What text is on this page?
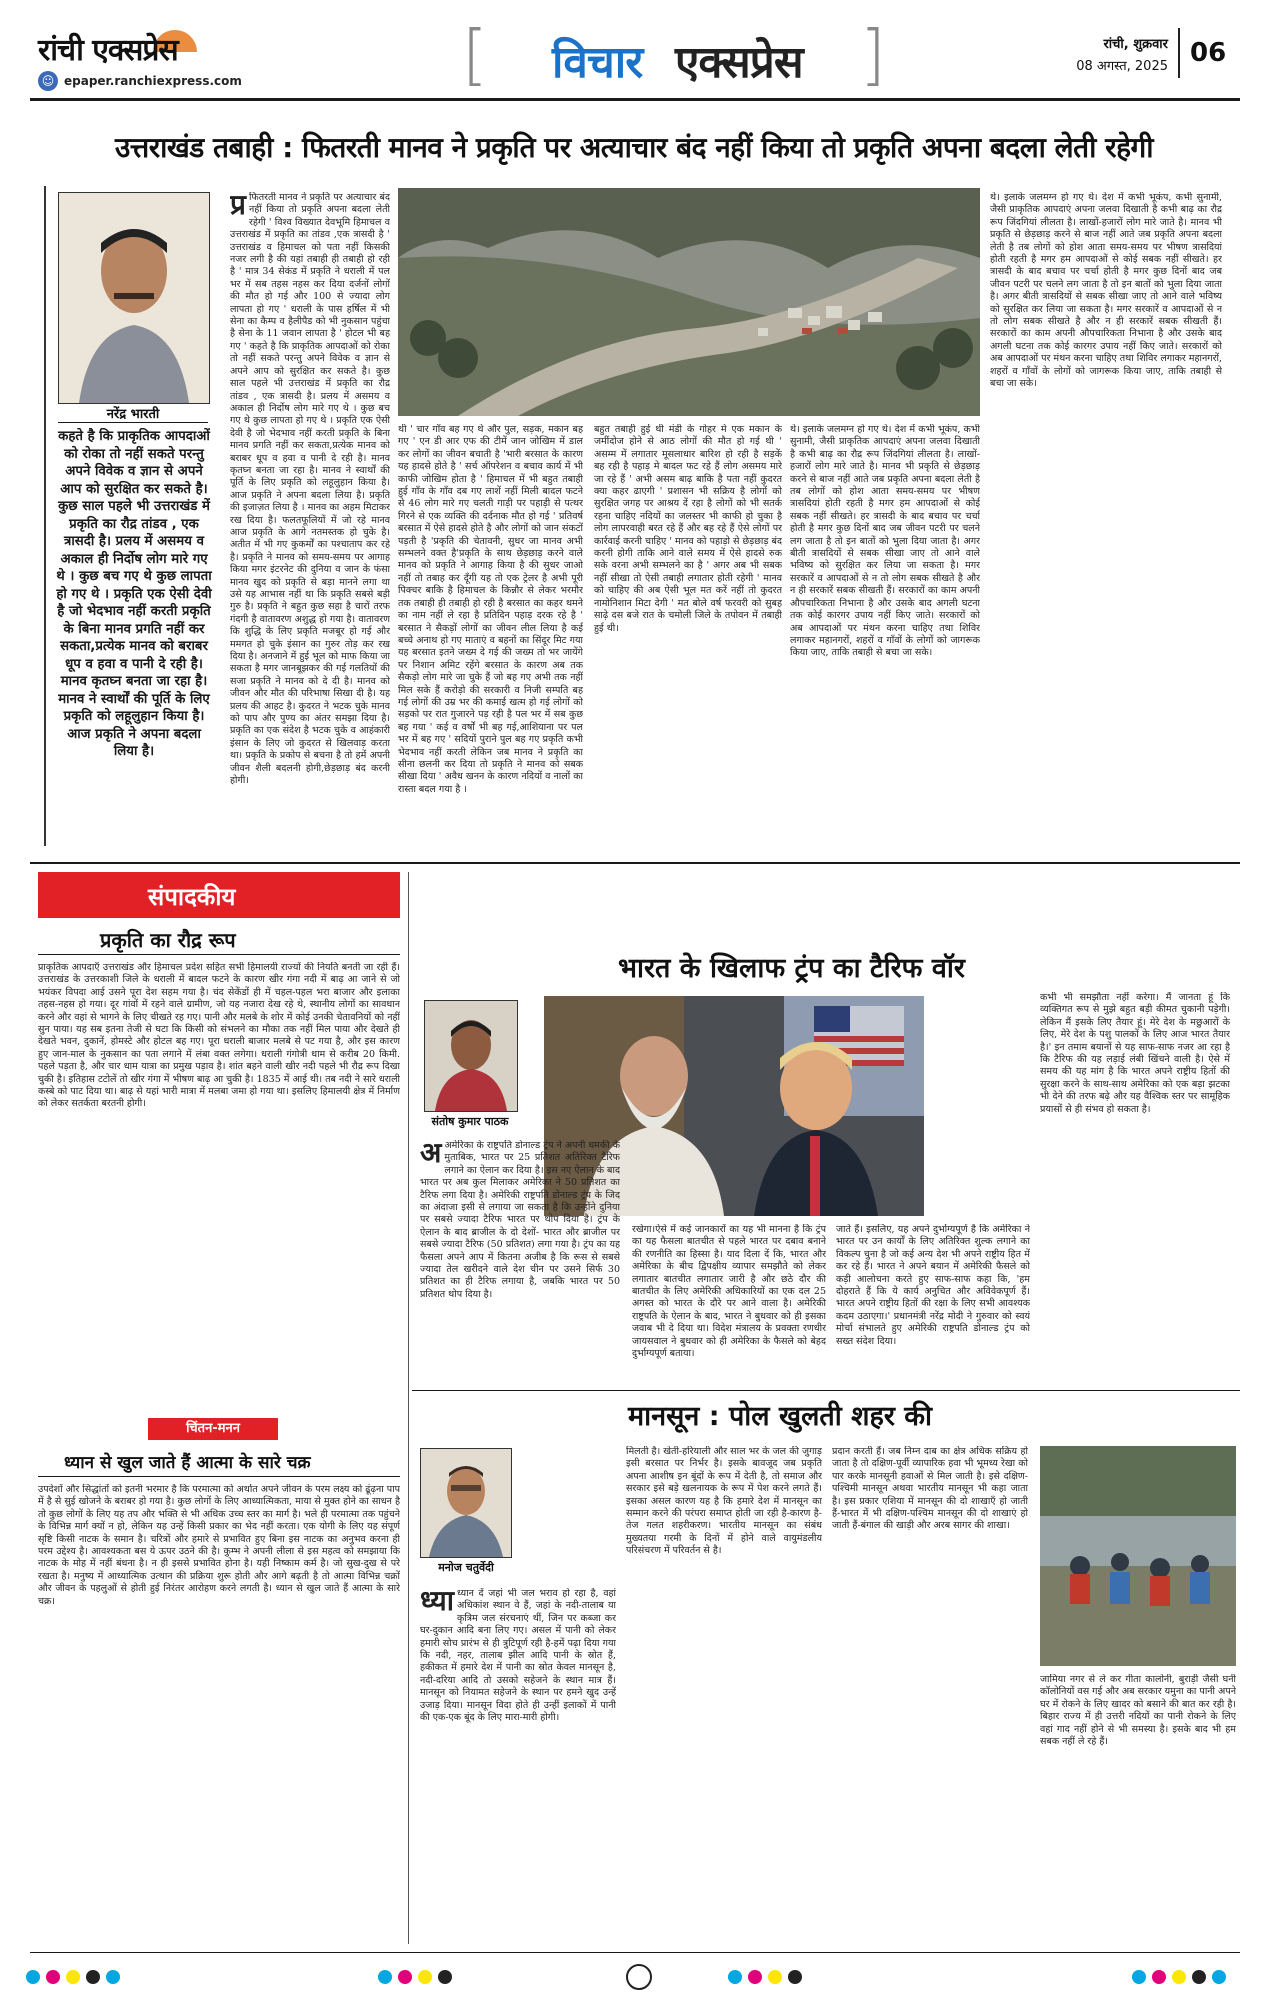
रांची एक्सप्रेस
☺ epaper.ranchiexpress.com	[ विचार एक्सप्रेस ]	रांची, शुक्रवार
08 अगस्त, 2025 06
उत्तराखंड तबाही : फितरती मानव ने प्रकृति पर अत्याचार बंद नहीं किया तो प्रकृति अपना बदला लेती रहेगी
नरेंद्र भारती
कहते है कि प्राकृतिक आपदाओं को रोका तो नहीं सकते परन्तु अपने विवेक व ज्ञान से अपने आप को सुरक्षित कर सकते है। कुछ साल पहले भी उत्तराखंड में प्रकृति का रौद्र तांडव , एक त्रासदी है। प्रलय में असमय व अकाल ही निर्दोष लोग मारे गए थे । कुछ बच गए थे कुछ लापता हो गए थे । प्रकृति एक ऐसी देवी है जो भेदभाव नहीं करती प्रकृति के बिना मानव प्रगति नहीं कर सकता,प्रत्येक मानव को बराबर धूप व हवा व पानी दे रही है। मानव कृतघ्न बनता जा रहा है। मानव ने स्वार्थों की पूर्ति के लिए प्रकृति को लहूलुहान किया है। आज प्रकृति ने अपना बदला लिया है।
प्र फितरती मानव ने प्रकृति पर अत्याचार बंद नहीं किया तो प्रकृति अपना बदला लेती रहेगी ' विश्व विख्यात देवभूमि हिमाचल व उत्तराखंड में प्रकृति का तांडव ,एक त्रासदी है ' उत्तराखंड व हिमाचल को पता नहीं किसकी नजर लगी है की यहां तबाही ही तबाही हो रही है ' मात्र 34 सेकंड में प्रकृति ने धराली में पल भर में सब तहस नहस कर दिया दर्जनों लोगों की मौत हो गई और 100 से ज्यादा लोग लापता हो गए ' धराली के पास हर्षिल में भी सेना का कैम्प व हैलीपैड को भी नुकसान पहुंचा है सेना के 11 जवान लापता है ' होटल भी बह गए ' कहते है कि प्राकृतिक आपदाओं को रोका तो नहीं सकते परन्तु अपने विवेक व ज्ञान से अपने आप को सुरक्षित कर सकते है। कुछ साल पहले भी उत्तराखंड में प्रकृति का रौद्र तांडव , एक त्रासदी है। प्रलय में असमय व अकाल ही निर्दोष लोग मारे गए थे । कुछ बच गए थे कुछ लापता हो गए थे । प्रकृति एक ऐसी देवी है जो भेदभाव नहीं करती प्रकृति के बिना मानव प्रगति नहीं कर सकता,प्रत्येक मानव को बराबर धूप व हवा व पानी दे रही है। मानव कृतघ्न बनता जा रहा है। मानव ने स्वार्थों की पूर्ति के लिए प्रकृति को लहूलुहान किया है। आज प्रकृति ने अपना बदला लिया है। प्रकृति की इजाज़त लिया है । मानव का अहम मिटाकर रख दिया है। फलतफूलियों में जो रहे मानव आज प्रकृति के आगे नतमस्तक हो चुके है। अतीत में भी गए कुकर्मों का पश्चाताप कर रहे है। प्रकृति ने मानव को समय-समय पर आगाह किया मगर इंटरनेट की दुनिया व जान के फंसा मानव खुद को प्रकृति से बड़ा मानने लगा था उसे यह आभास नहीं था कि प्रकृति सबसे बड़ी गुरु है। प्रकृति ने बहुत कुछ सहा है चारों तरफ गंदगी है वातावरण अशुद्ध हो गया है। वातावरण कि शुद्धि के लिए प्रकृति मजबूर हो गई और ममगत हो चुके इंसान का गुरुर तोड़ कर रख दिया है। अनजाने में हुई भूल को माफ किया जा सकता है मगर जानबूझकर की गई गलतियों की सजा प्रकृति ने मानव को दे दी है। मानव को जीवन और मौत की परिभाषा सिखा दी है। यह प्रलय की आहट है। कुदरत ने भटक चुके मानव को पाप और पुण्य का अंतर समझा दिया है। प्रकृति का एक संदेश है भटक चुके व आहंकारी इंसान के लिए जो कुदरत से खिलवाड़ करता था। प्रकृति के प्रकोप से बचना है तो हमें अपनी जीवन शैली बदलनी होगी,छेड़छाड़ बंद करनी होगी।
थी ' चार गाँव बह गए थे और पुल, सड़क, मकान बह गए ' एन डी आर एफ की टीमें जान जोखिम में डाल कर लोगों का जीवन बचाती है 'भारी बरसात के कारण यह हादसे होते है ' सर्च ऑपरेशन व बचाव कार्य में भी काफी जोखिम होता है ' हिमाचल में भी बहुत तबाही हुई गाँव के गाँव दब गए लाशें नहीं मिली बादल फटने से 46 लोग मारे गए चलती गाड़ी पर पहाड़ी से पत्थर गिरने से एक व्यक्ति की दर्दनाक मौत हो गई ' प्रतिवर्ष बरसात में ऐसे हादसे होते है और लोगों को जान संकटों पड़ती है 'प्रकृति की चेतावनी, सुधर जा मानव अभी सम्भलने वक्त है'प्रकृति के साथ छेड़छाड़ करने वाले मानव को प्रकृति ने आगाह किया है की सुधर जाओ नहीं तो तबाह कर दूँगी यह तो एक ट्रेलर है अभी पूरी पिक्चर बाकि है हिमाचल के किन्नौर से लेकर भरमौर तक तबाही ही तबाही हो रही है बरसात का कहर थमने का नाम नहीं ले रहा है प्रतिदिन पहाड़ दरक रहे है ' बरसात ने सैकड़ों लोगों का जीवन लील लिया है कई बच्चे अनाथ हो गए माताएं व बहनों का सिंदूर मिट गया यह बरसात इतने जख्म दे गई की जख्म तो भर जायेंगे पर निशान अमिट रहेंगे बरसात के कारण अब तक सैकड़ो लोग मारे जा चुके हैं जो बह गए अभी तक नहीं मिल सके हैं करोड़ो की सरकारी व निजी सम्पति बह गई लोगों की उम्र भर की कमाई खत्म हो गई लोगों को सड़को पर रात गुजारने पड़ रही है पल भर में सब कुछ बह गया ' कई व वर्षों भी बह गई,आशियाना पर पल भर में बह गए ' सदियों पुराने पुल बह गए प्रकृति कभी भेदभाव नहीं करती लेकिन जब मानव ने प्रकृति का सीना छलनी कर दिया तो प्रकृति ने मानव को सबक सीखा दिया ' अवैध खनन के कारण नदियों व नालों का रास्ता बदल गया है ।
बहुत तबाही हुई थी मंडी के गोहर मे एक मकान के जमींदोज होने से आठ लोगों की मौत हो गई थी ' असम्म में लगातार मूसलाधार बारिश हो रही है सड़कें बह रही है पहाड़ मे बादल फट रहे हैं लोग असमय मारे जा रहे हैं ' अभी असम बाढ़ बाकि है पता नहीं कुदरत क्या कहर ढाएगी ' प्रशासन भी सक्रिय है लोगों को सुरक्षित जगह पर आश्रय दें रहा है लोगों को भी सतर्क रहना चाहिए नदियों का जलस्तर भी काफी हो चुका है लोग लापरवाही बरत रहे हैं और बह रहे हैं ऐसे लोगों पर कार्रवाई करनी चाहिए ' मानव को पहाड़ो से छेड़छाड़ बंद करनी होगी ताकि आने वाले समय में ऐसे हादसे रुक सके वरना अभी सम्भलने का है ' अगर अब भी सबक नहीं सीखा तो ऐसी तबाही लगातार होती रहेगी ' मानव को चाहिए की अब ऐसी भूल मत करें नहीं तो कुदरत नामोनिशान मिटा देगी ' मत बोले वर्ष फरवरी को सुबह साढ़े दस बजे रात के चमोली जिले के तपोवन में तबाही हुई थी।
थे। इलाके जलमग्न हो गए थे। देश में कभी भूकंप, कभी सुनामी, जैसी प्राकृतिक आपदाएं अपना जलवा दिखाती है कभी बाढ़ का रौद्र रूप जिंदगियां लीलता है। लाखों-हजारों लोग मारे जाते है। मानव भी प्रकृति से छेड़छाड़ करने से बाज नहीं आते जब प्रकृति अपना बदला लेती है तब लोगों को होश आता समय-समय पर भीषण त्रासदियां होती रहती है मगर हम आपदाओं से कोई सबक नहीं सीखते। हर त्रासदी के बाद बचाव पर चर्चा होती है मगर कुछ दिनों बाद जब जीवन पटरी पर चलने लग जाता है तो इन बातों को भुला दिया जाता है। अगर बीती त्रासदियों से सबक सीखा जाए तो आने वाले भविष्य को सुरक्षित कर लिया जा सकता है। मगर सरकारें व आपदाओं से न तो लोग सबक सीखते है और न ही सरकारें सबक सीखती हैं। सरकारों का काम अपनी औपचारिकता निभाना है और उसके बाद अगली घटना तक कोई कारगर उपाय नहीं किए जाते। सरकारों को अब आपदाओं पर मंथन करना चाहिए तथा शिविर लगाकर महानगरों, शहरों व गाँवों के लोगों को जागरूक किया जाए, ताकि तबाही से बचा जा सके।
थे। इलाके जलमग्न हो गए थे। देश में कभी भूकंप, कभी सुनामी, जैसी प्राकृतिक आपदाएं अपना जलवा दिखाती है कभी बाढ़ का रौद्र रूप जिंदगियां लीलता है। लाखों-हजारों लोग मारे जाते है। मानव भी प्रकृति से छेड़छाड़ करने से बाज नहीं आते जब प्रकृति अपना बदला लेती है तब लोगों को होश आता समय-समय पर भीषण त्रासदियां होती रहती है मगर हम आपदाओं से कोई सबक नहीं सीखते। हर त्रासदी के बाद बचाव पर चर्चा होती है मगर कुछ दिनों बाद जब जीवन पटरी पर चलने लग जाता है तो इन बातों को भुला दिया जाता है। अगर बीती त्रासदियों से सबक सीखा जाए तो आने वाले भविष्य को सुरक्षित कर लिया जा सकता है। मगर सरकारें व आपदाओं से न तो लोग सबक सीखते है और न ही सरकारें सबक सीखती हैं। सरकारों का काम अपनी औपचारिकता निभाना है और उसके बाद अगली घटना तक कोई कारगर उपाय नहीं किए जाते। सरकारों को अब आपदाओं पर मंथन करना चाहिए तथा शिविर लगाकर महानगरों, शहरों व गाँवों के लोगों को जागरूक किया जाए, ताकि तबाही से बचा जा सके।
संपादकीय
प्रकृति का रौद्र रूप
प्राकृतिक आपदाएँ उत्तराखंड और हिमाचल प्रदेश सहित सभी हिमालयी राज्यों की नियति बनती जा रही हैं। उत्तराखंड के उत्तरकाशी जिले के धराली में बादल फटने के कारण खीर गंगा नदी में बाढ़ आ जाने से जो भयंकर विपदा आई उसने पूरा देश सहम गया है। चंद सेकेंडों ही में चहल-पहल भरा बाजार और इलाका तहस-नहस हो गया। दूर गांवों में रहने वाले ग्रामीण, जो यह नजारा देख रहे थे, स्थानीय लोगों का सावधान करने और वहां से भागने के लिए चीखते रह गए। पानी और मलबे के शोर में कोई उनकी चेतावनियों को नहीं सुन पाया। यह सब इतना तेजी से घटा कि किसी को संभलने का मौका तक नहीं मिल पाया और देखते ही देखते भवन, दुकानें, होमस्टे और होटल बह गए। पूरा धराली बाजार मलबे से पट गया है, और इस कारण हुए जान-माल के नुकसान का पता लगाने में लंबा वक्त लगेगा। धराली गंगोत्री धाम से करीब 20 किमी. पहले पड़ता है, और चार धाम यात्रा का प्रमुख पड़ाव है। शांत बहने वाली खीर नदी पहले भी रौद्र रूप दिखा चुकी है। इतिहास टटोलें तो खीर गंगा में भीषण बाढ़ आ चुकी है। 1835 में आई थी। तब नदी ने सारे धराली कस्बे को पाट दिया था। बाढ़ से यहां भारी मात्रा में मलबा जमा हो गया था। इसलिए हिमालयी क्षेत्र में निर्माण को लेकर सतर्कता बरतनी होगी।
चिंतन-मनन
ध्यान से खुल जाते हैं आत्मा के सारे चक्र
उपदेशों और सिद्धांतों को इतनी भरमार है कि परमात्मा को अर्थात अपने जीवन के परम लक्ष्य को ढूंढ़ना पाप में है से सुई खोजने के बराबर हो गया है। कुछ लोगों के लिए आध्यात्मिकता, माया से मुक्त होने का साधन है तो कुछ लोगों के लिए यह तप और भक्ति से भी अधिक उच्च स्तर का मार्ग है। भले ही परमात्मा तक पहुंचने के विभिन्न मार्ग क्यों न हो, लेकिन यह उन्हें किसी प्रकार का भेद नहीं करता। एक योगी के लिए यह संपूर्ण सृष्टि किसी नाटक के समान है। चरित्रों और हमारे से प्रभावित हुए बिना इस नाटक का अनुभव करना ही परम उद्देश्य है। आवश्यकता बस ये ऊपर उठने की है। कुम्भ ने अपनी लीला से इस महत्व को समझाया कि नाटक के मोह में नहीं बंधना है। न ही इससे प्रभावित होना है। यही निष्काम कर्म है। जो सुख-दुख से परे रखता है। मनुष्य में आध्यात्मिक उत्थान की प्रक्रिया शुरू होती और आगे बढ़ती है तो आत्मा विभिन्न चक्रों और जीवन के पहलुओं से होती हुई निरंतर आरोहण करने लगती है। ध्यान से खुल जाते हैं आत्मा के सारे चक्र।
भारत के खिलाफ ट्रंप का टैरिफ वॉर
संतोष कुमार पाठक
अअमेरिका के राष्ट्रपति डोनाल्ड ट्रंप ने अपनी धमकी के मुताबिक, भारत पर 25 प्रतिशत अतिरिक्त टैरिफ लगाने का ऐलान कर दिया है। इस नए ऐलान के बाद भारत पर अब कुल मिलाकर अमेरिका ने 50 प्रतिशत का टैरिफ लगा दिया है। अमेरिकी राष्ट्रपति डोनाल्ड ट्रंप के जिद का अंदाजा इसी से लगाया जा सकता है कि उन्होंने दुनिया पर सबसे ज्यादा टैरिफ भारत पर थोप दिया है। ट्रंप के ऐलान के बाद ब्राजील के दो देशों- भारत और ब्राजील पर सबसे ज्यादा टैरिफ (50 प्रतिशत) लगा गया है। ट्रंप का यह फैसला अपने आप में कितना अजीब है कि रूस से सबसे ज्यादा तेल खरीदने वाले देश चीन पर उसने सिर्फ 30 प्रतिशत का ही टैरिफ लगाया है, जबकि भारत पर 50 प्रतिशत थोप दिया है।
रखेगा।ऐसे में कई जानकारों का यह भी मानना है कि ट्रंप का यह फैसला बातचीत से पहले भारत पर दबाव बनाने की रणनीति का हिस्सा है। याद दिला दें कि, भारत और अमेरिका के बीच द्विपक्षीय व्यापार समझौते को लेकर लगातार बातचीत लगातार जारी है और छठे दौर की बातचीत के लिए अमेरिकी अधिकारियों का एक दल 25 अगस्त को भारत के दौरे पर आने वाला है। अमेरिकी राष्ट्रपति के ऐलान के बाद, भारत ने बुधवार को ही इसका जवाब भी दे दिया था। विदेश मंत्रालय के प्रवक्ता रणधीर जायसवाल ने बुधवार को ही अमेरिका के फैसले को बेहद दुर्भाग्यपूर्ण बताया।
जाते हैं। इसलिए, यह अपने दुर्भाग्यपूर्ण है कि अमेरिका ने भारत पर उन कार्यों के लिए अतिरिक्त शुल्क लगाने का विकल्प चुना है जो कई अन्य देश भी अपने राष्ट्रीय हित में कर रहे हैं। भारत ने अपने बयान में अमेरिकी फैसले को कड़ी आलोचना करते हुए साफ-साफ कहा कि, 'हम दोहराते हैं कि ये कार्य अनुचित और अविवेकपूर्ण हैं। भारत अपने राष्ट्रीय हितों की रक्षा के लिए सभी आवश्यक कदम उठाएगा।' प्रधानमंत्री नरेंद्र मोदी ने गुरुवार को स्वयं मोर्चा संभालते हुए अमेरिकी राष्ट्रपति डोनाल्ड ट्रंप को सख्त संदेश दिया।
कभी भी समझौता नहीं करेगा। मैं जानता हूं कि व्यक्तिगत रूप से मुझे बहुत बड़ी कीमत चुकानी पड़ेगी। लेकिन मैं इसके लिए तैयार हूं। मेरे देश के मछुआरों के लिए, मेरे देश के पशु पालकों के लिए आज भारत तैयार है।' इन तमाम बयानों से यह साफ-साफ नजर आ रहा है कि टैरिफ की यह लड़ाई लंबी खिंचने वाली है। ऐसे में समय की यह मांग है कि भारत अपने राष्ट्रीय हितों की सुरक्षा करने के साथ-साथ अमेरिका को एक बड़ा झटका भी देने की तरफ बढ़े और यह वैश्विक स्तर पर सामूहिक प्रयासों से ही संभव हो सकता है।
मानसून : पोल खुलती शहर की
मनोज चतुर्वेदी
ध्या ध्यान दें जहां भी जल भराव हो रहा है, वहां अधिकांश स्थान वे हैं, जहां के नदी-तालाब या कृत्रिम जल संरचनाएं थीं, जिन पर कब्जा कर घर-दुकान आदि बना लिए गए। असल में पानी को लेकर हमारी सोच प्रारंभ से ही त्रुटिपूर्ण रही है-हमें पढ़ा दिया गया कि नदी, नहर, तालाब झील आदि पानी के स्रोत हैं, हकीकत में हमारे देश में पानी का स्रोत केवल मानसून है, नदी-दरिया आदि तो उसको सहेजने के स्थान मात्र हैं। मानसून को नियामत सहेजने के स्थान पर हमने खुद उन्हें उजाड़ दिया। मानसून विदा होते ही उन्हीं इलाकों में पानी की एक-एक बूंद के लिए मारा-मारी होगी।
मिलती है। खेती-हरियाली और साल भर के जल की जुगाड़ इसी बरसात पर निर्भर है। इसके बावजूद जब प्रकृति अपना आशीष इन बूंदों के रूप में देती है, तो समाज और सरकार इसे बड़े खलनायक के रूप में पेश करने लगते हैं। इसका असल कारण यह है कि हमारे देश में मानसून का सम्मान करने की परंपरा समाप्त होती जा रही है-कारण है-तेज गलत शहरीकरण। भारतीय मानसून का संबंध मुख्यतया गरमी के दिनों में होने वाले वायुमंडलीय परिसंचरण में परिवर्तन से है।
प्रदान करती हैं। जब निम्न दाब का क्षेत्र अधिक सक्रिय हो जाता है तो दक्षिण-पूर्वी व्यापारिक हवा भी भूमध्य रेखा को पार करके मानसूनी हवाओं से मिल जाती है। इसे दक्षिण-पश्चिमी मानसून अथवा भारतीय मानसून भी कहा जाता है। इस प्रकार एशिया में मानसून की दो शाखाएँ हो जाती हैं-भारत में भी दक्षिण-पश्चिम मानसून की दो शाखाएं हो जाती हैं-बंगाल की खाड़ी और अरब सागर की शाखा।
जामिया नगर से ले कर गीता कालोनी, बुराड़ी जैसी घनी कॉलोनियों वस गई और अब सरकार यमुना का पानी अपने घर में रोकने के लिए खादर को बसाने की बात कर रही है। बिहार राज्य में ही उत्तरी नदियों का पानी रोकने के लिए वहां गाद नहीं होने से भी समस्या है। इसके बाद भी हम सबक नहीं ले रहे हैं।
